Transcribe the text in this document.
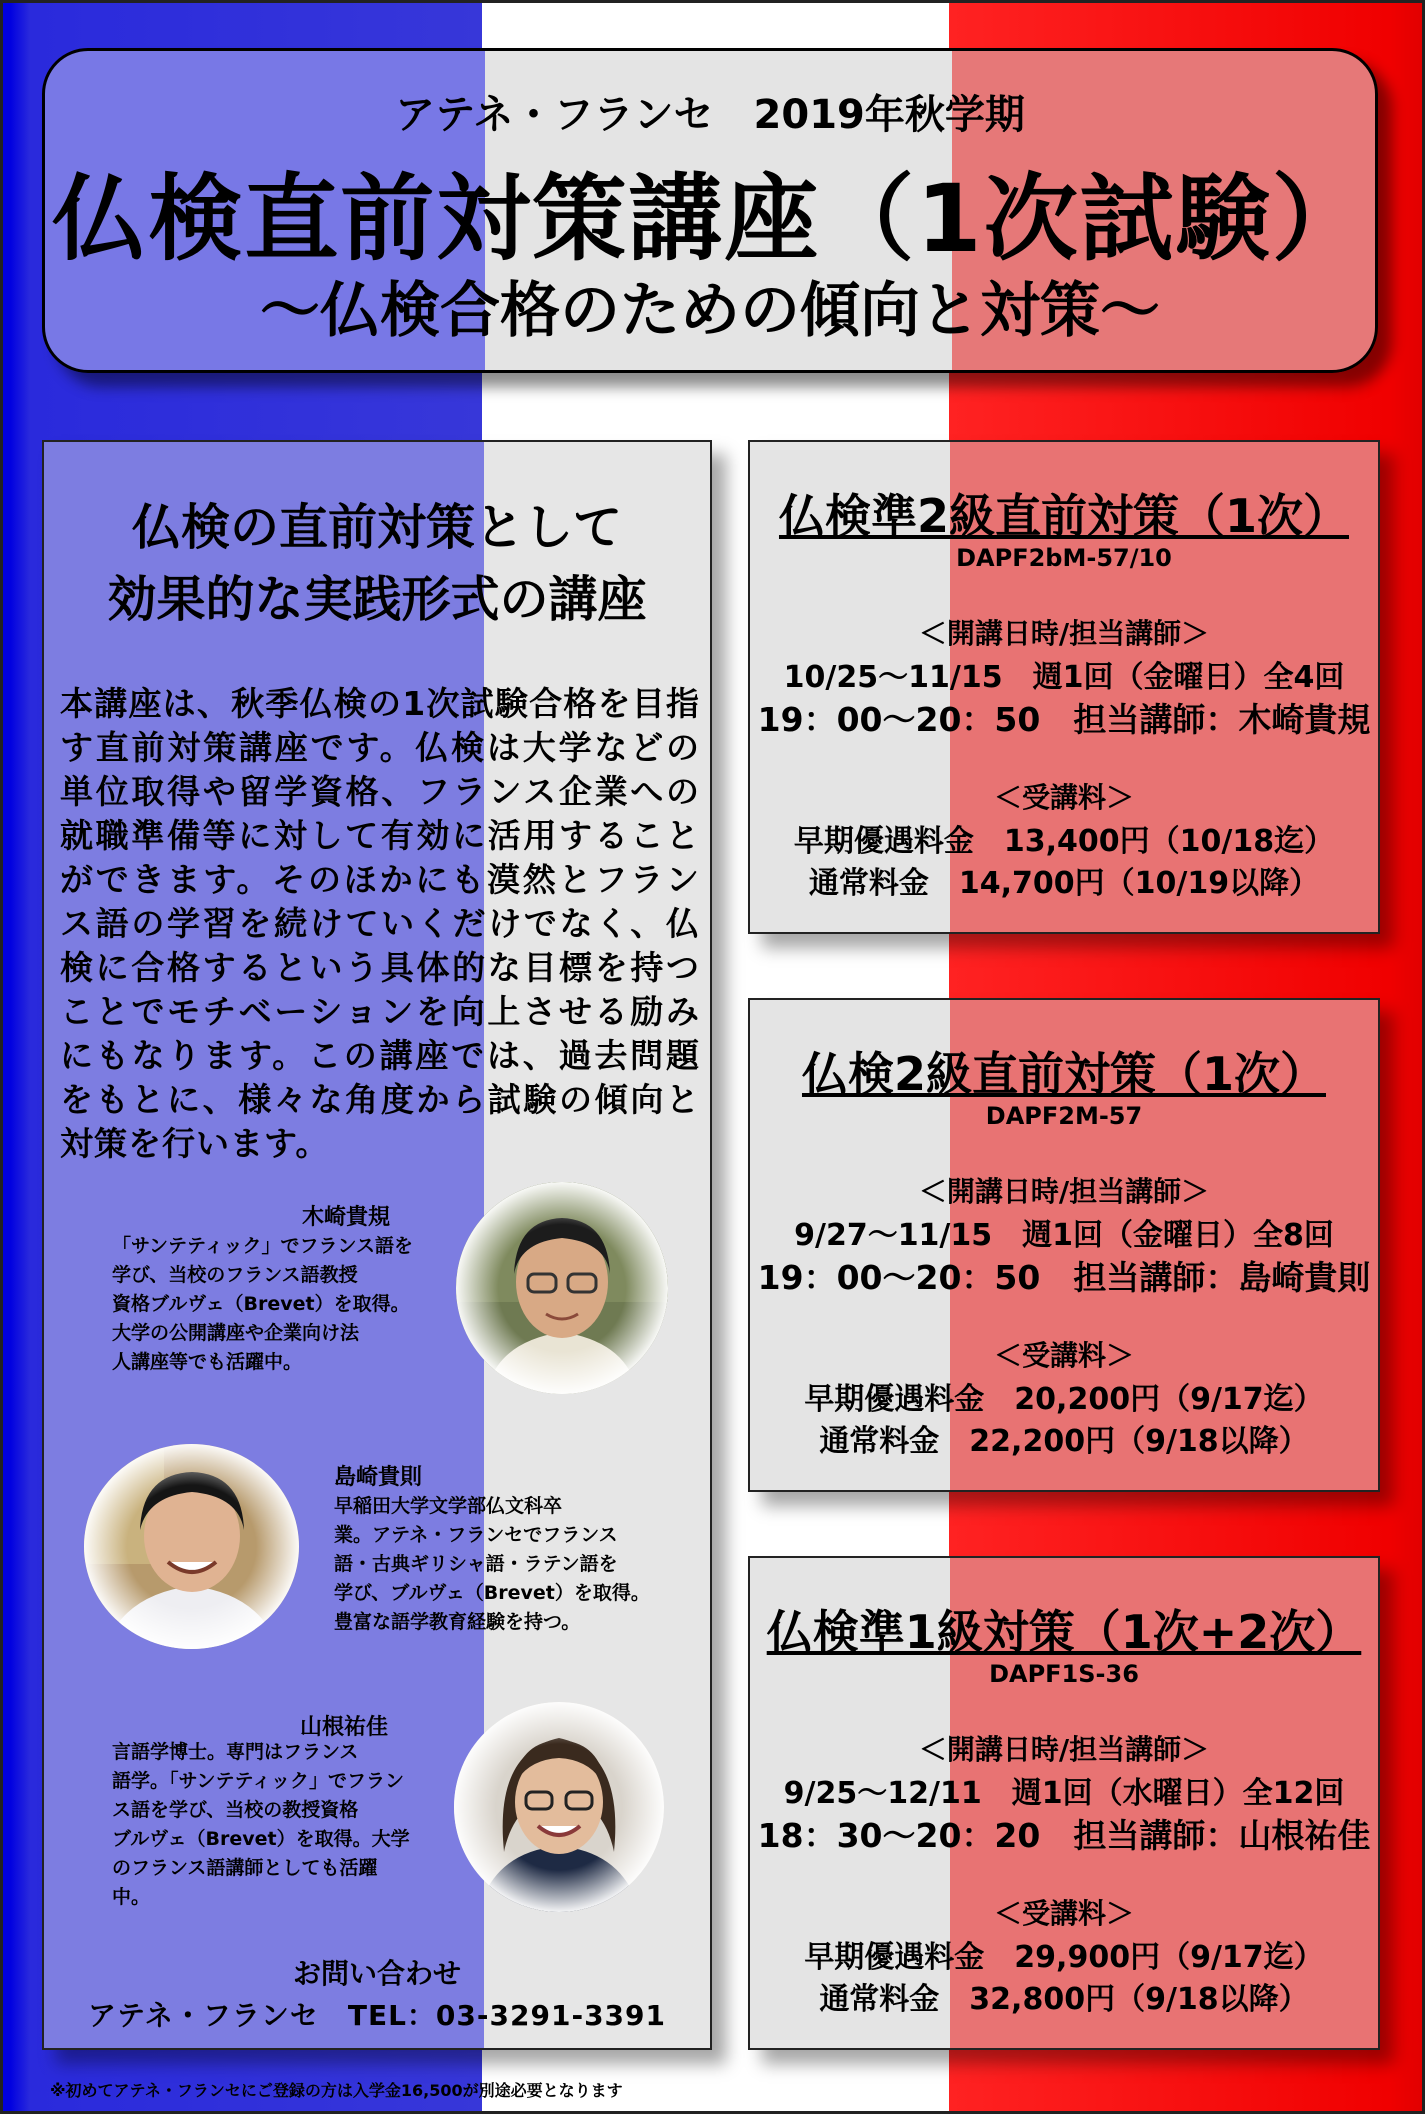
アテネ・フランセ　2019年秋学期
仏検直前対策講座（1次試験）
～仏検合格のための傾向と対策～
仏検の直前対策として
効果的な実践形式の講座
本講座は、秋季仏検の1次試験合格を目指す直前対策講座です。仏検は大学などの単位取得や留学資格、フランス企業への就職準備等に対して有効に活用することができます。そのほかにも漠然とフランス語の学習を続けていくだけでなく、仏検に合格するという具体的な目標を持つことでモチベーションを向上させる励みにもなります。この講座では、過去問題をもとに、様々な角度から試験の傾向と対策を行います。
木崎貴規
「サンテティック」でフランス語を
学び、当校のフランス語教授
資格ブルヴェ（Brevet）を取得。
大学の公開講座や企業向け法
人講座等でも活躍中。
島崎貴則
早稲田大学文学部仏文科卒
業。アテネ・フランセでフランス
語・古典ギリシャ語・ラテン語を
学び、ブルヴェ（Brevet）を取得。
豊富な語学教育経験を持つ。
山根祐佳
言語学博士。専門はフランス
語学。「サンテティック」でフラン
ス語を学び、当校の教授資格
ブルヴェ（Brevet）を取得。大学
のフランス語講師としても活躍
中。
お問い合わせ
アテネ・フランセ　TEL：03-3291-3391
※初めてアテネ・フランセにご登録の方は入学金16,500が別途必要となります
仏検準2級直前対策（1次）
DAPF2bM-57/10
＜開講日時/担当講師＞
10/25～11/15　週1回（金曜日）全4回
19：00～20：50　担当講師：木崎貴規
＜受講料＞
早期優遇料金　13,400円（10/18迄）
通常料金　14,700円（10/19以降）
仏検2級直前対策（1次）
DAPF2M-57
＜開講日時/担当講師＞
9/27～11/15　週1回（金曜日）全8回
19：00～20：50　担当講師：島崎貴則
＜受講料＞
早期優遇料金　20,200円（9/17迄）
通常料金　22,200円（9/18以降）
仏検準1級対策（1次+2次）
DAPF1S-36
＜開講日時/担当講師＞
9/25～12/11　週1回（水曜日）全12回
18：30～20：20　担当講師：山根祐佳
＜受講料＞
早期優遇料金　29,900円（9/17迄）
通常料金　32,800円（9/18以降）
